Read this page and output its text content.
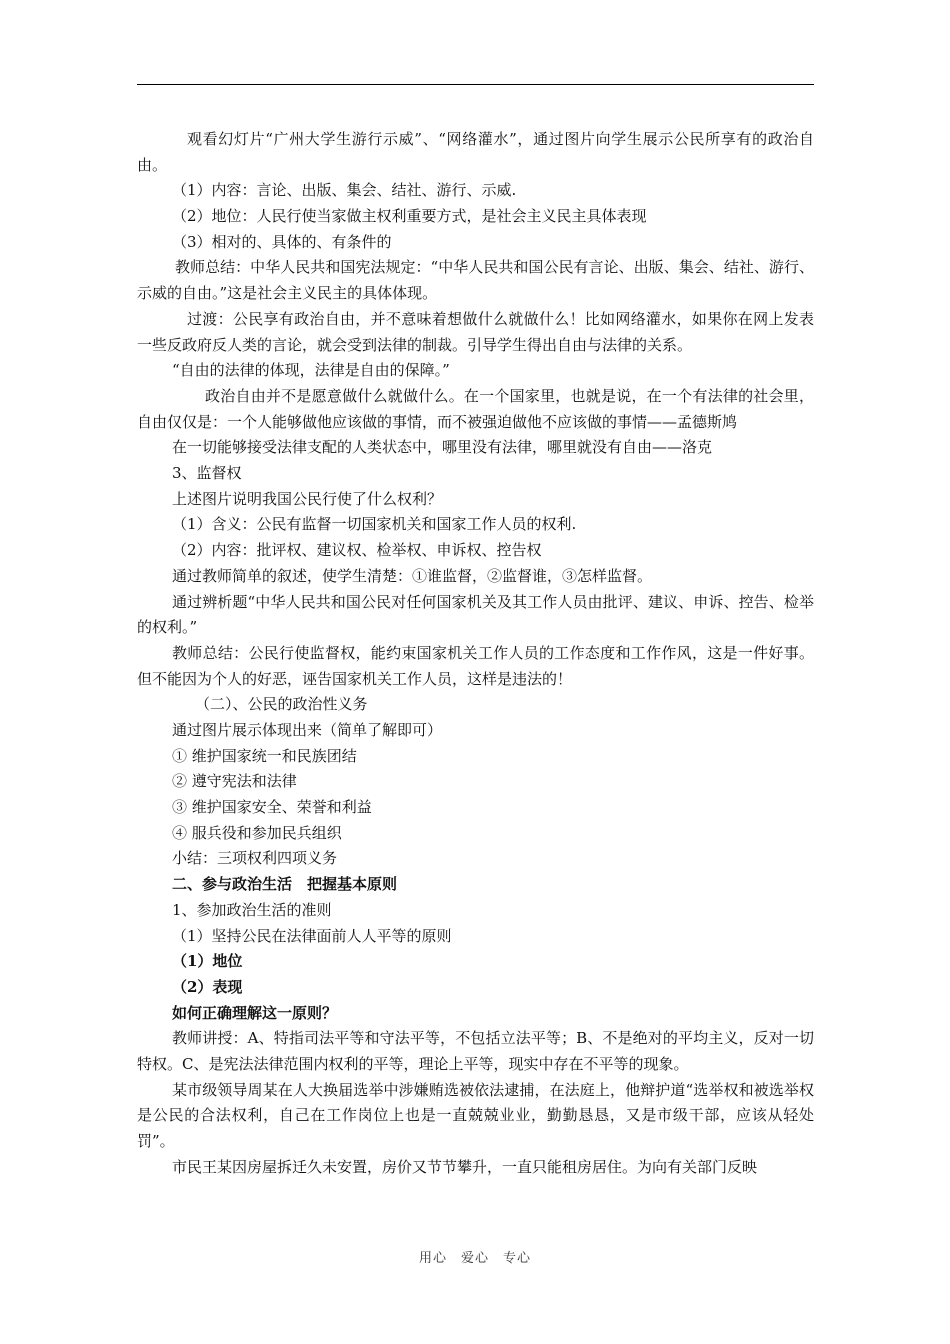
观看幻灯片“广州大学生游行示威”、“网络灌水”，通过图片向学生展示公民所享有的政治自由。
（1）内容：言论、出版、集会、结社、游行、示威.
（2）地位：人民行使当家做主权利重要方式，是社会主义民主具体表现
（3）相对的、具体的、有条件的
教师总结：中华人民共和国宪法规定：“中华人民共和国公民有言论、出版、集会、结社、游行、示威的自由。”这是社会主义民主的具体体现。
过渡：公民享有政治自由，并不意味着想做什么就做什么！比如网络灌水，如果你在网上发表一些反政府反人类的言论，就会受到法律的制裁。引导学生得出自由与法律的关系。
“自由的法律的体现，法律是自由的保障。”
政治自由并不是愿意做什么就做什么。在一个国家里，也就是说，在一个有法律的社会里，自由仅仅是：一个人能够做他应该做的事情，而不被强迫做他不应该做的事情——孟德斯鸠
在一切能够接受法律支配的人类状态中，哪里没有法律，哪里就没有自由——洛克
3、监督权
上述图片说明我国公民行使了什么权利？
（1）含义：公民有监督一切国家机关和国家工作人员的权利.
（2）内容：批评权、建议权、检举权、申诉权、控告权
通过教师简单的叙述，使学生清楚：①谁监督，②监督谁，③怎样监督。
通过辨析题“中华人民共和国公民对任何国家机关及其工作人员由批评、建议、申诉、控告、检举的权利。”
教师总结：公民行使监督权，能约束国家机关工作人员的工作态度和工作作风，这是一件好事。但不能因为个人的好恶，诬告国家机关工作人员，这样是违法的！
（二）、公民的政治性义务
通过图片展示体现出来（简单了解即可）
① 维护国家统一和民族团结
② 遵守宪法和法律
③ 维护国家安全、荣誉和利益
④ 服兵役和参加民兵组织
小结：三项权利四项义务
二、参与政治生活　把握基本原则
1、参加政治生活的准则
（1）坚持公民在法律面前人人平等的原则
（1）地位
（2）表现
如何正确理解这一原则？
教师讲授：A、特指司法平等和守法平等，不包括立法平等；B、不是绝对的平均主义，反对一切特权。C、是宪法法律范围内权利的平等，理论上平等，现实中存在不平等的现象。
某市级领导周某在人大换届选举中涉嫌贿选被依法逮捕，在法庭上，他辩护道“选举权和被选举权是公民的合法权利，自己在工作岗位上也是一直兢兢业业，勤勤恳恳，又是市级干部，应该从轻处罚”。
市民王某因房屋拆迁久未安置，房价又节节攀升，一直只能租房居住。为向有关部门反映
用心　爱心　专心
